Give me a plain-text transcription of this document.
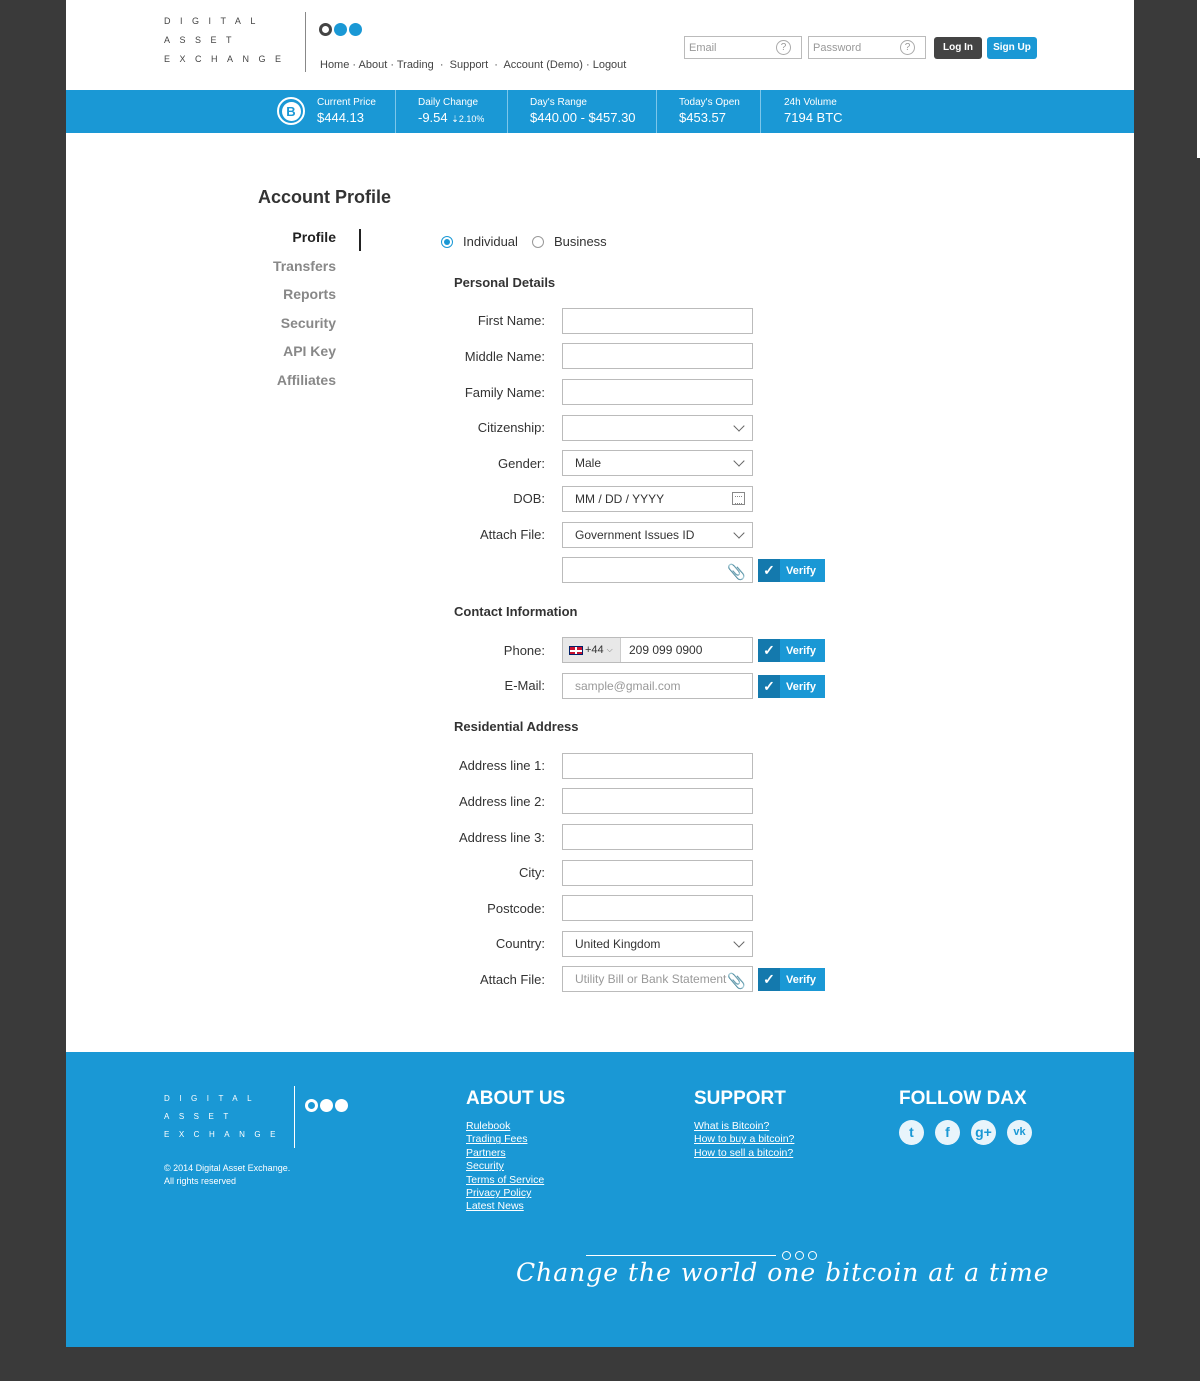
DIGITAL
ASSET
EXCHANGE	Home · About · Trading  ·  Support  ·  Account (Demo) · Logout
Email	?	Password	?	Log In	Sign Up
B
Current Price
$444.13
Daily Change
-9.54 ⇣2.10%
Day's Range
$440.00 - $457.30
Today's Open
$453.57
24h Volume
7194 BTC
Account Profile
Profile
Transfers
Reports
Security
API Key
Affiliates
Individual	Business
Personal Details
First Name:
Middle Name:
Family Name:
Citizenship:
Gender:	Male
DOB:	MM / DD / YYYY
Attach File:	Government Issues ID
📎	✓	Verify
Contact Information
Phone:	+44 ⌵ 209 099 0900	✓	Verify
E-Mail:	sample@gmail.com	✓	Verify
Residential Address
Address line 1:
Address line 2:
Address line 3:
City:
Postcode:
Country:	United Kingdom
Attach File:	Utility Bill or Bank Statement 📎	✓	Verify
DIGITAL
ASSET
EXCHANGE
© 2014 Digital Asset Exchange.
All rights reserved
ABOUT US
Rulebook
Trading Fees
Partners
Security
Terms of Service
Privacy Policy
Latest News
SUPPORT
What is Bitcoin?
How to buy a bitcoin?
How to sell a bitcoin?
FOLLOW DAX
t	f	g+	vk
Change the world one bitcoin at a time
